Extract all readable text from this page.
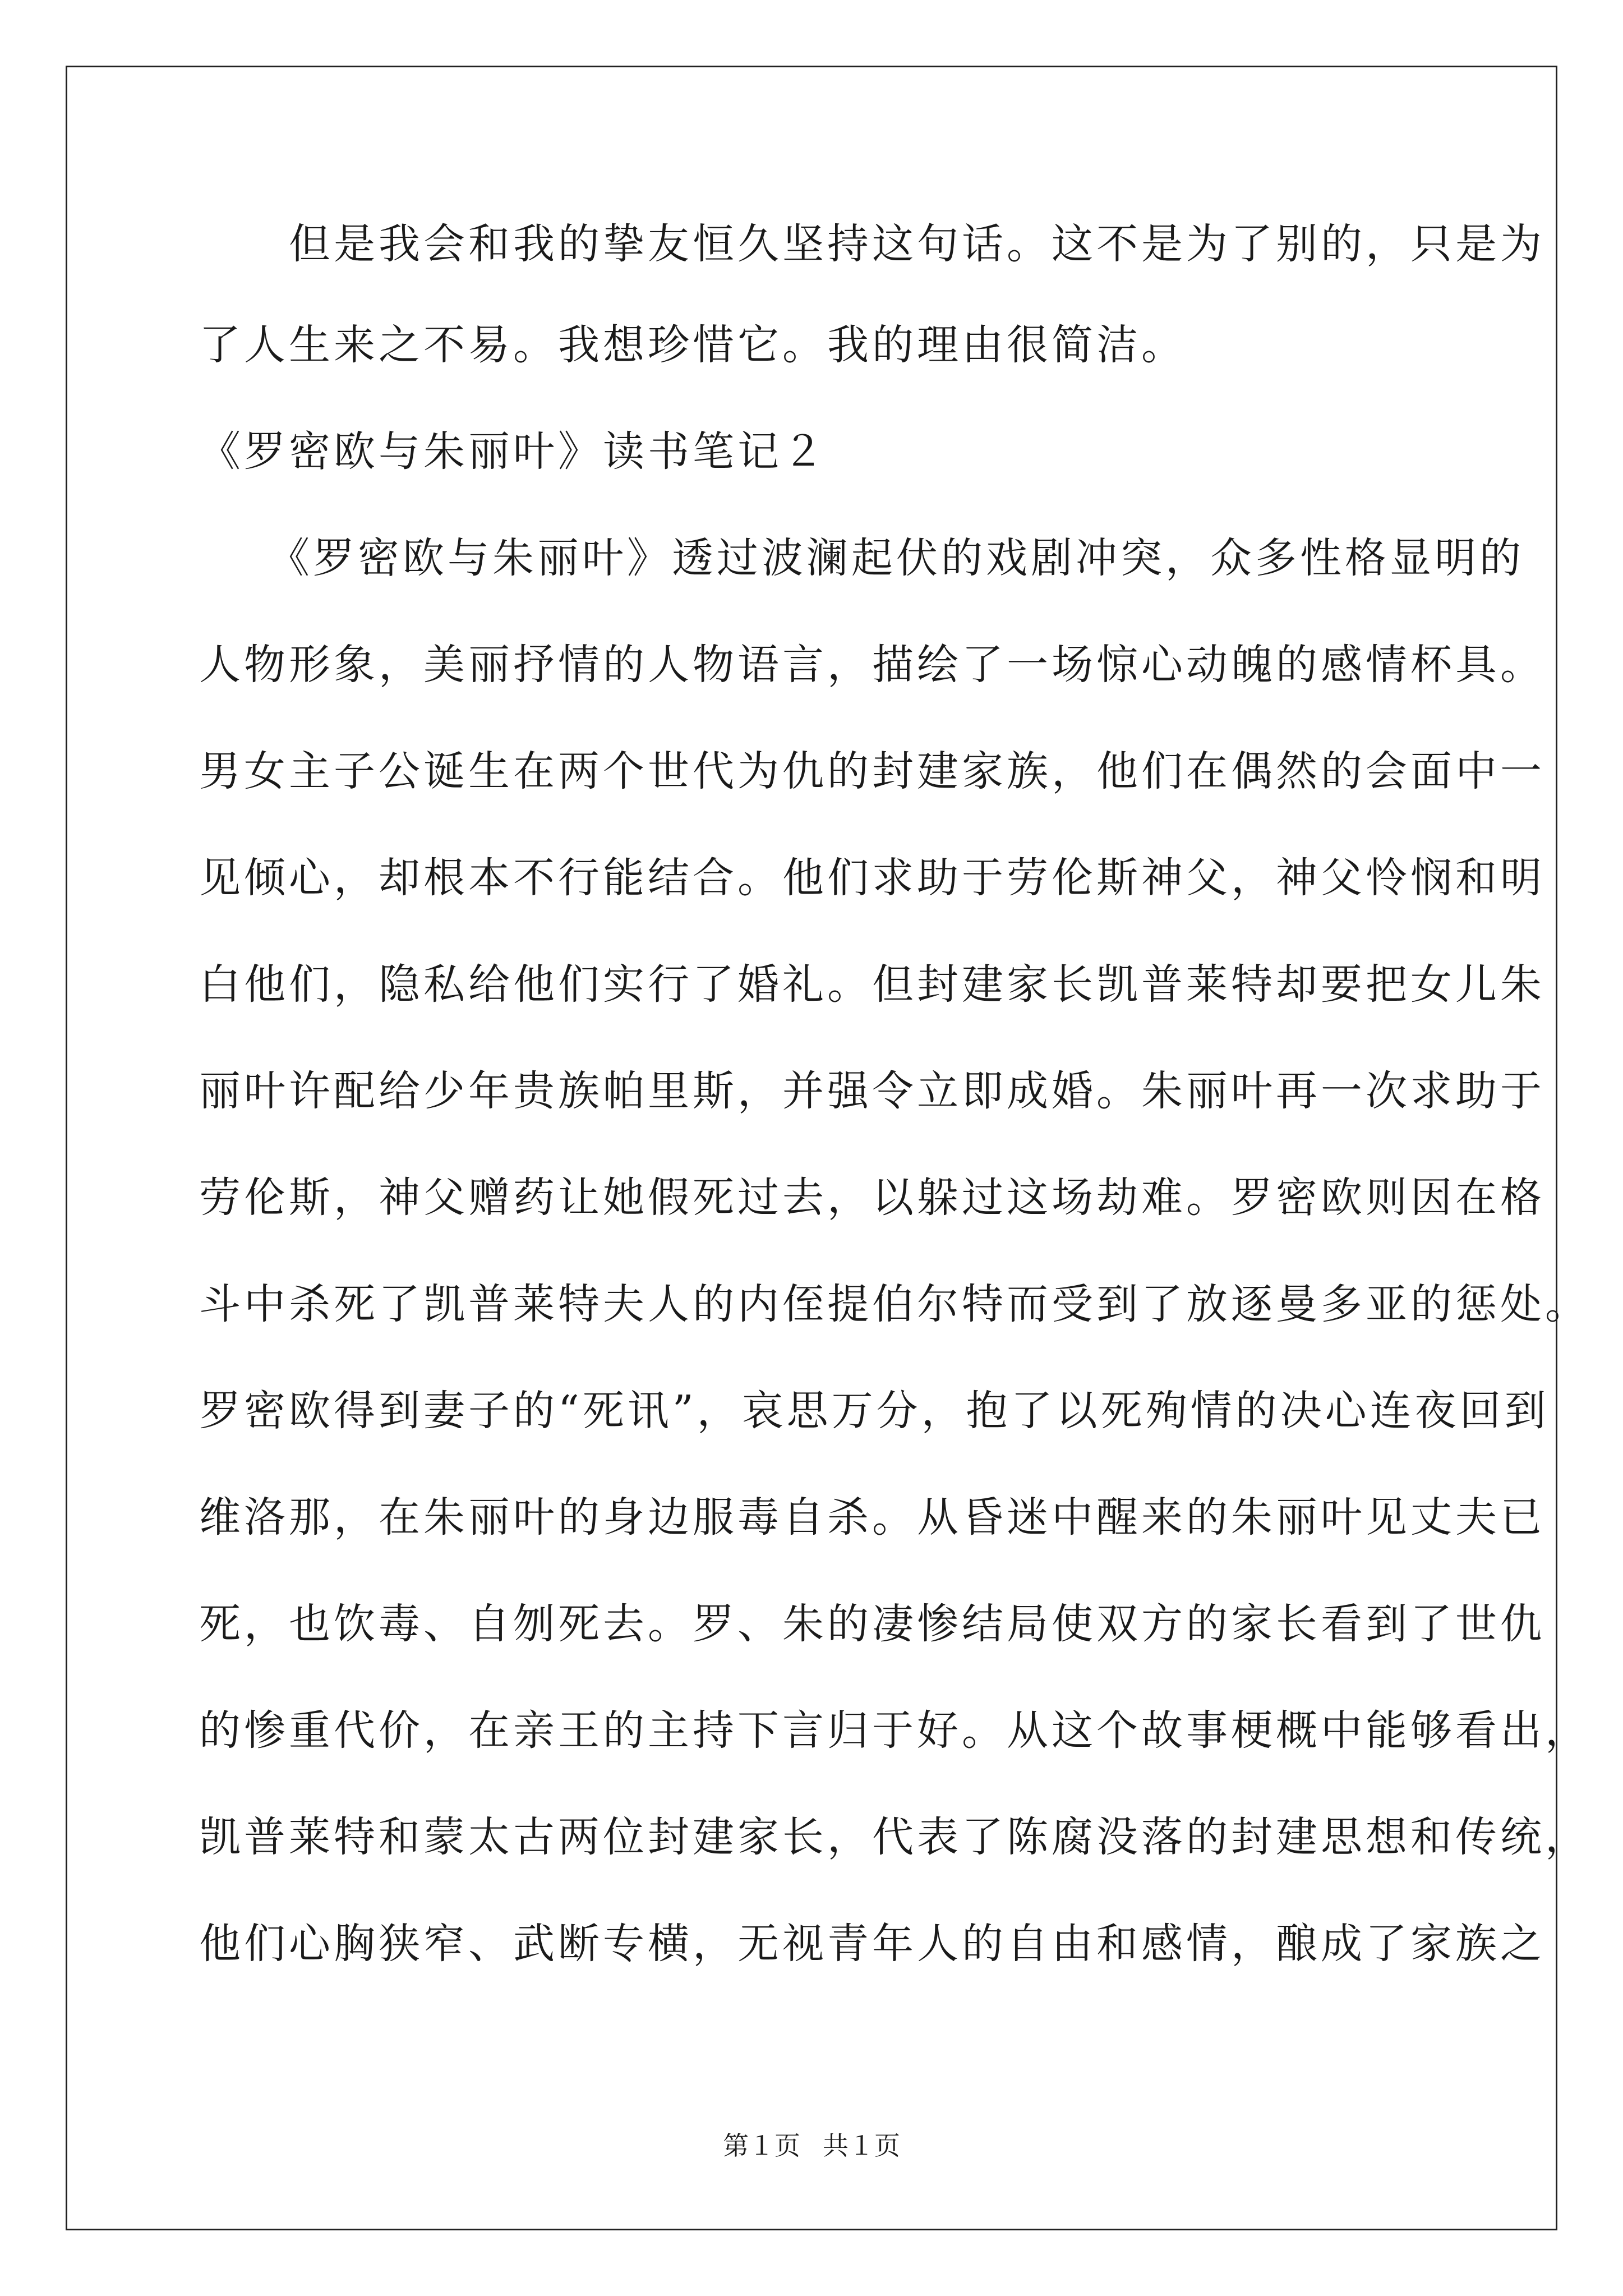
　　但是我会和我的挚友恒久坚持这句话。这不是为了别的，只是为
了人生来之不易。我想珍惜它。我的理由很简洁。
《罗密欧与朱丽叶》读书笔记２
　　《罗密欧与朱丽叶》透过波澜起伏的戏剧冲突，众多性格显明的
人物形象，美丽抒情的人物语言，描绘了一场惊心动魄的感情杯具。
男女主子公诞生在两个世代为仇的封建家族，他们在偶然的会面中一
见倾心，却根本不行能结合。他们求助于劳伦斯神父，神父怜悯和明
白他们，隐私给他们实行了婚礼。但封建家长凯普莱特却要把女儿朱
丽叶许配给少年贵族帕里斯，并强令立即成婚。朱丽叶再一次求助于
劳伦斯，神父赠药让她假死过去，以躲过这场劫难。罗密欧则因在格
斗中杀死了凯普莱特夫人的内侄提伯尔特而受到了放逐曼多亚的惩处。
罗密欧得到妻子的“死讯”，哀思万分，抱了以死殉情的决心连夜回到
维洛那，在朱丽叶的身边服毒自杀。从昏迷中醒来的朱丽叶见丈夫已
死，也饮毒、自刎死去。罗、朱的凄惨结局使双方的家长看到了世仇
的惨重代价，在亲王的主持下言归于好。从这个故事梗概中能够看出，
凯普莱特和蒙太古两位封建家长，代表了陈腐没落的封建思想和传统，
他们心胸狭窄、武断专横，无视青年人的自由和感情，酿成了家族之
第１页 共１页
